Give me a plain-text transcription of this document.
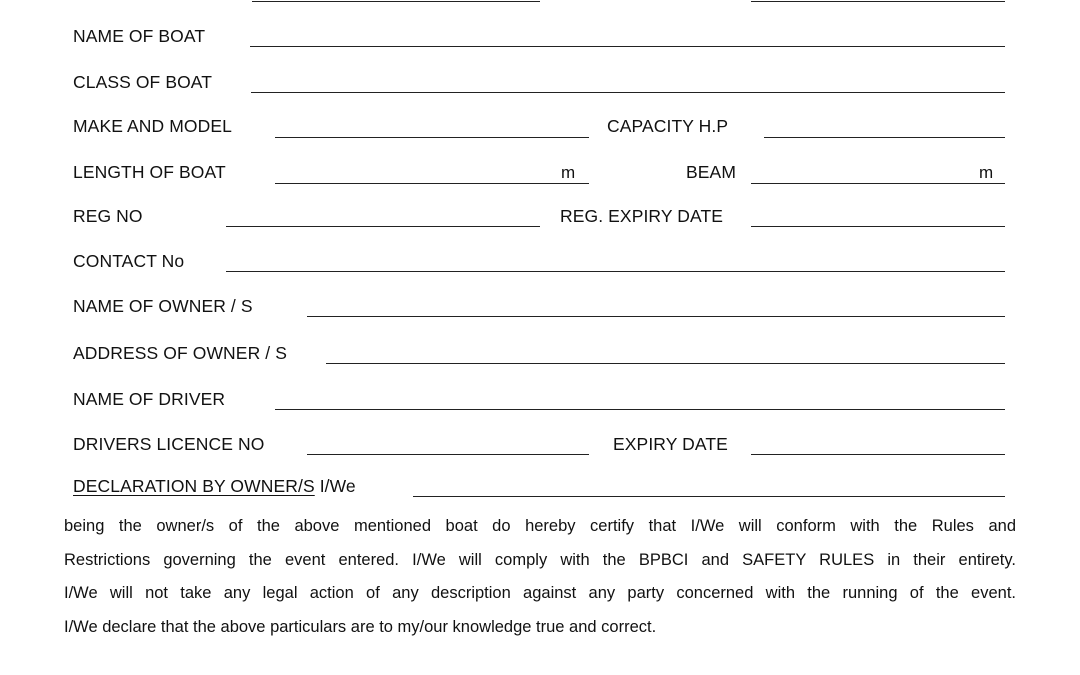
NAME OF BOAT
CLASS OF BOAT
MAKE AND MODEL	CAPACITY H.P
LENGTH OF BOAT	m	BEAM	m
REG NO	REG. EXPIRY DATE
CONTACT No
NAME OF OWNER / S
ADDRESS OF OWNER / S
NAME OF DRIVER
DRIVERS LICENCE NO	EXPIRY DATE
DECLARATION BY OWNER/S I/We
being the owner/s of the above mentioned boat do hereby certify that I/We will conform with the Rules and
Restrictions governing the event entered. I/We will comply with the BPBCI and SAFETY RULES in their entirety.
I/We will not take any legal action of any description against any party concerned with the running of the event.
I/We declare that the above particulars are to my/our knowledge true and correct.
